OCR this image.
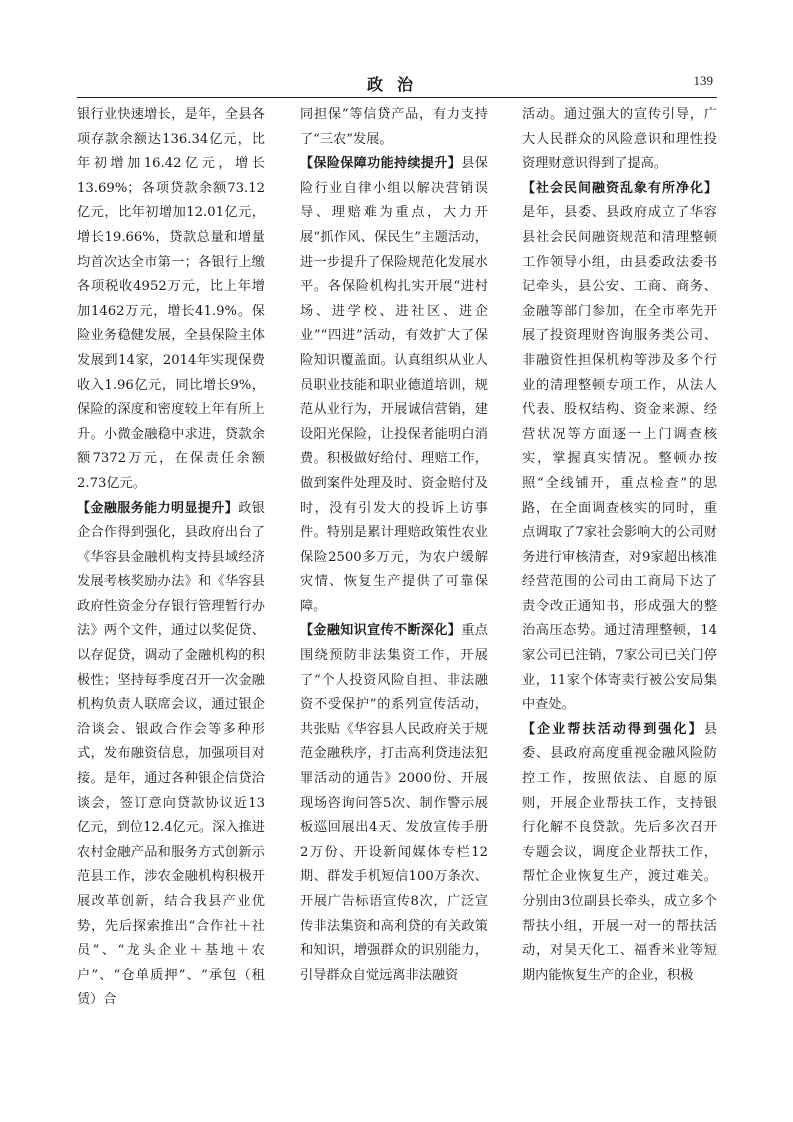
政治	139

银行业快速增长，是年，全县各项存款余额达136.34亿元，比年初增加16.42亿元，增长13.69%；各项贷款余额73.12亿元，比年初增加12.01亿元，增长19.66%，贷款总量和增量均首次达全市第一；各银行上缴各项税收4952万元，比上年增加1462万元，增长41.9%。保险业务稳健发展，全县保险主体发展到14家，2014年实现保费收入1.96亿元，同比增长9%，保险的深度和密度较上年有所上升。小微金融稳中求进，贷款余额7372万元，在保责任余额2.73亿元。

【金融服务能力明显提升】政银企合作得到强化，县政府出台了《华容县金融机构支持县域经济发展考核奖励办法》和《华容县政府性资金分存银行管理暂行办法》两个文件，通过以奖促贷、以存促贷，调动了金融机构的积极性；坚持每季度召开一次金融机构负责人联席会议，通过银企洽谈会、银政合作会等多种形式，发布融资信息，加强项目对接。是年，通过各种银企信贷洽谈会，签订意向贷款协议近13亿元，到位12.4亿元。深入推进农村金融产品和服务方式创新示范县工作，涉农金融机构积极开展改革创新，结合我县产业优势，先后探索推出“合作社＋社员”、“龙头企业＋基地＋农户”、“仓单质押”、“承包（租赁）合

同担保”等信贷产品，有力支持了“三农”发展。

【保险保障功能持续提升】县保险行业自律小组以解决营销误导、理赔难为重点，大力开展“抓作风、保民生”主题活动，进一步提升了保险规范化发展水平。各保险机构扎实开展“进村场、进学校、进社区、进企业”“四进”活动，有效扩大了保险知识覆盖面。认真组织从业人员职业技能和职业德道培训，规范从业行为，开展诚信营销，建设阳光保险，让投保者能明白消费。积极做好给付、理赔工作，做到案件处理及时、资金赔付及时，没有引发大的投诉上访事件。特别是累计理赔政策性农业保险2500多万元，为农户缓解灾情、恢复生产提供了可靠保障。

【金融知识宣传不断深化】重点围绕预防非法集资工作，开展了“个人投资风险自担、非法融资不受保护”的系列宣传活动，共张贴《华容县人民政府关于规范金融秩序，打击高利贷违法犯罪活动的通告》2000份、开展现场咨询问答5次、制作警示展板巡回展出4天、发放宣传手册2万份、开设新闻媒体专栏12期、群发手机短信100万条次、开展广告标语宣传8次，广泛宣传非法集资和高利贷的有关政策和知识，增强群众的识别能力，引导群众自觉远离非法融资

活动。通过强大的宣传引导，广大人民群众的风险意识和理性投资理财意识得到了提高。

【社会民间融资乱象有所净化】是年，县委、县政府成立了华容县社会民间融资规范和清理整顿工作领导小组，由县委政法委书记牵头，县公安、工商、商务、金融等部门参加，在全市率先开展了投资理财咨询服务类公司、非融资性担保机构等涉及多个行业的清理整顿专项工作，从法人代表、股权结构、资金来源、经营状况等方面逐一上门调查核实，掌握真实情况。整顿办按照“全线铺开，重点检查”的思路，在全面调查核实的同时，重点调取了7家社会影响大的公司财务进行审核清查，对9家超出核准经营范围的公司由工商局下达了责令改正通知书，形成强大的整治高压态势。通过清理整顿，14家公司已注销，7家公司已关门停业，11家个体寄卖行被公安局集中查处。

【企业帮扶活动得到强化】县委、县政府高度重视金融风险防控工作，按照依法、自愿的原则，开展企业帮扶工作，支持银行化解不良贷款。先后多次召开专题会议，调度企业帮扶工作，帮忙企业恢复生产，渡过难关。分别由3位副县长牵头，成立多个帮扶小组，开展一对一的帮扶活动，对昊天化工、福香米业等短期内能恢复生产的企业，积极
